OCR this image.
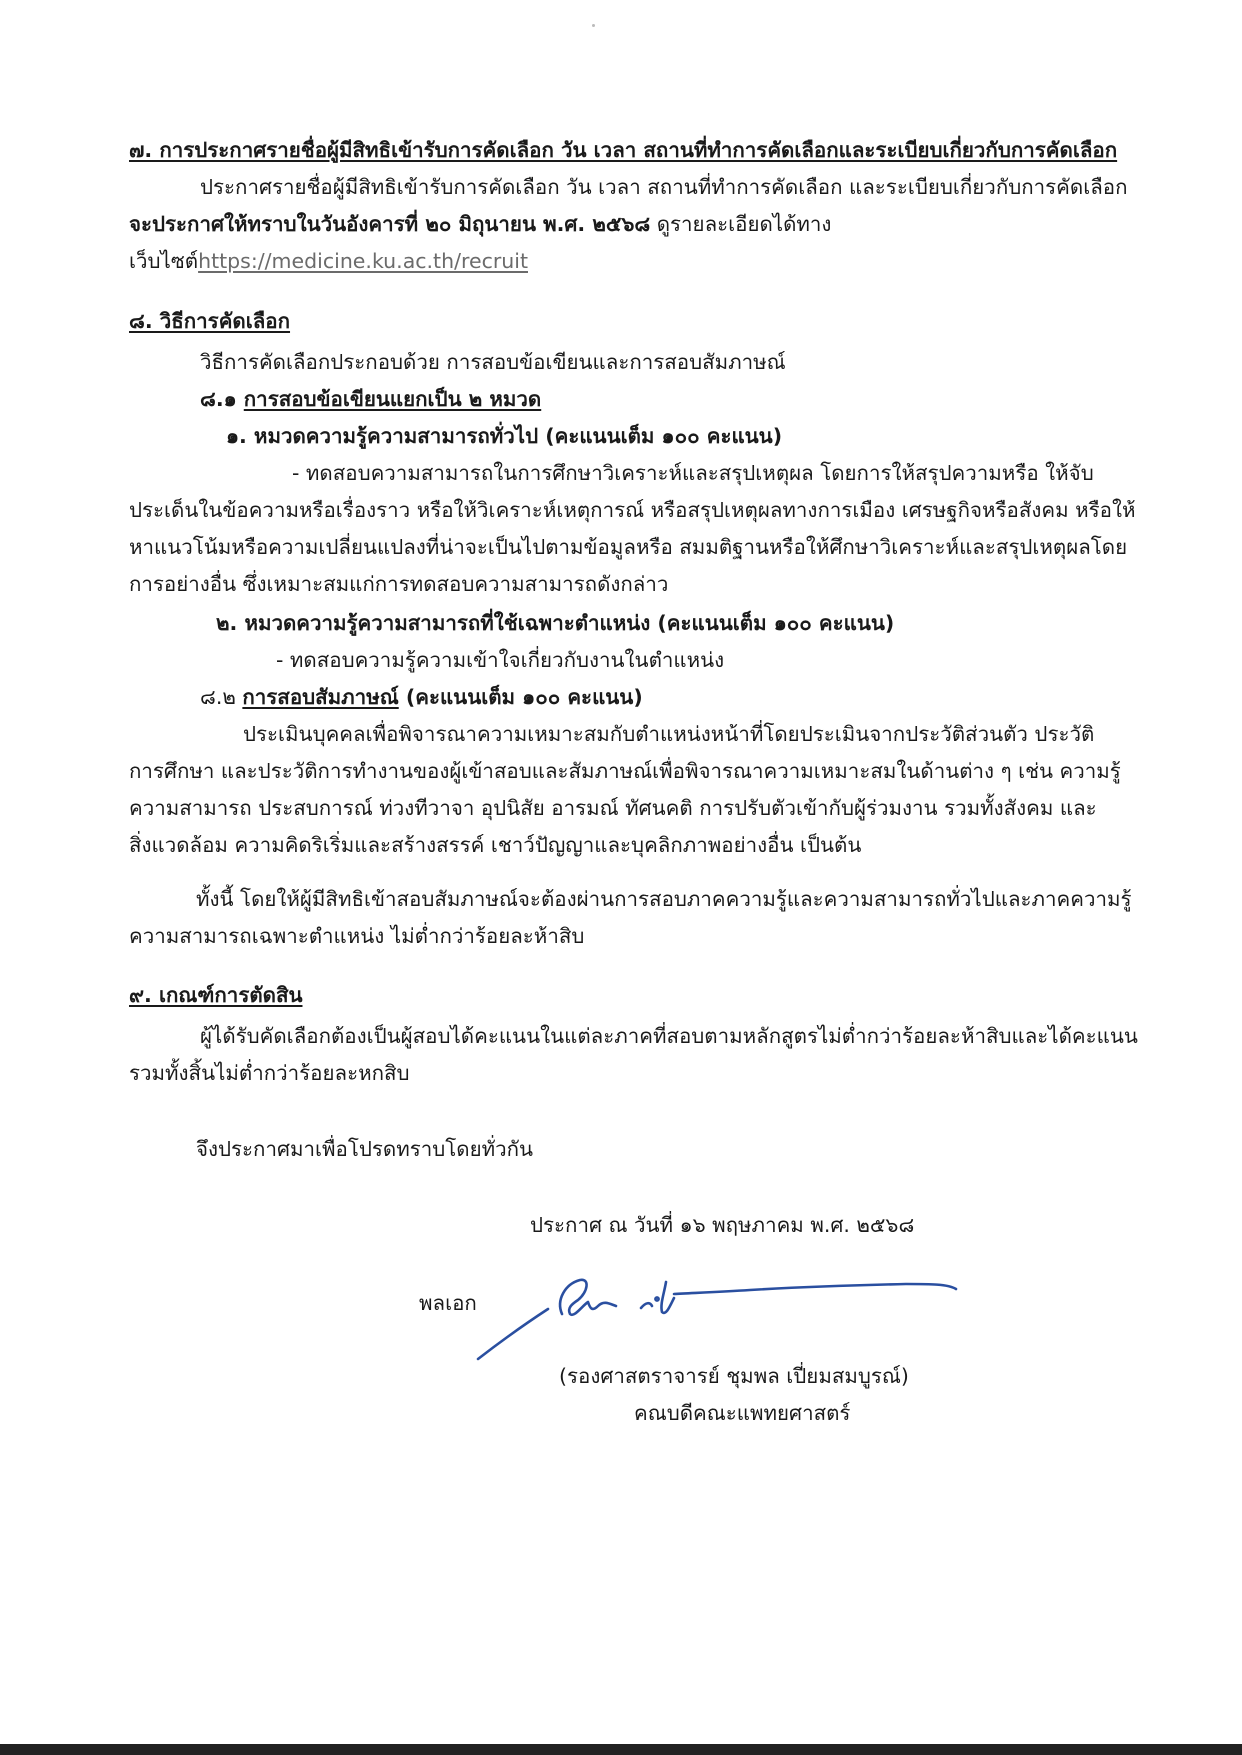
๗. การประกาศรายชื่อผู้มีสิทธิเข้ารับการคัดเลือก วัน เวลา สถานที่ทำการคัดเลือกและระเบียบเกี่ยวกับการคัดเลือก
ประกาศรายชื่อผู้มีสิทธิเข้ารับการคัดเลือก วัน เวลา สถานที่ทำการคัดเลือก และระเบียบเกี่ยวกับการคัดเลือก
จะประกาศให้ทราบในวันอังคารที่ ๒๐ มิถุนายน พ.ศ. ๒๕๖๘ ดูรายละเอียดได้ทาง
เว็บไซต์https://medicine.ku.ac.th/recruit
๘. วิธีการคัดเลือก
วิธีการคัดเลือกประกอบด้วย การสอบข้อเขียนและการสอบสัมภาษณ์
๘.๑ การสอบข้อเขียนแยกเป็น ๒ หมวด
๑. หมวดความรู้ความสามารถทั่วไป (คะแนนเต็ม ๑๐๐ คะแนน)
- ทดสอบความสามารถในการศึกษาวิเคราะห์และสรุปเหตุผล โดยการให้สรุปความหรือ ให้จับ
ประเด็นในข้อความหรือเรื่องราว หรือให้วิเคราะห์เหตุการณ์ หรือสรุปเหตุผลทางการเมือง เศรษฐกิจหรือสังคม หรือให้
หาแนวโน้มหรือความเปลี่ยนแปลงที่น่าจะเป็นไปตามข้อมูลหรือ สมมติฐานหรือให้ศึกษาวิเคราะห์และสรุปเหตุผลโดย
การอย่างอื่น ซึ่งเหมาะสมแก่การทดสอบความสามารถดังกล่าว
๒. หมวดความรู้ความสามารถที่ใช้เฉพาะตำแหน่ง (คะแนนเต็ม ๑๐๐ คะแนน)
- ทดสอบความรู้ความเข้าใจเกี่ยวกับงานในตำแหน่ง
๘.๒ การสอบสัมภาษณ์ (คะแนนเต็ม ๑๐๐ คะแนน)
ประเมินบุคคลเพื่อพิจารณาความเหมาะสมกับตำแหน่งหน้าที่โดยประเมินจากประวัติส่วนตัว ประวัติ
การศึกษา และประวัติการทำงานของผู้เข้าสอบและสัมภาษณ์เพื่อพิจารณาความเหมาะสมในด้านต่าง ๆ เช่น ความรู้
ความสามารถ ประสบการณ์ ท่วงทีวาจา อุปนิสัย อารมณ์ ทัศนคติ การปรับตัวเข้ากับผู้ร่วมงาน รวมทั้งสังคม และ
สิ่งแวดล้อม ความคิดริเริ่มและสร้างสรรค์ เชาว์ปัญญาและบุคลิกภาพอย่างอื่น เป็นต้น
ทั้งนี้ โดยให้ผู้มีสิทธิเข้าสอบสัมภาษณ์จะต้องผ่านการสอบภาคความรู้และความสามารถทั่วไปและภาคความรู้
ความสามารถเฉพาะตำแหน่ง ไม่ต่ำกว่าร้อยละห้าสิบ
๙. เกณฑ์การตัดสิน
ผู้ได้รับคัดเลือกต้องเป็นผู้สอบได้คะแนนในแต่ละภาคที่สอบตามหลักสูตรไม่ต่ำกว่าร้อยละห้าสิบและได้คะแนน
รวมทั้งสิ้นไม่ต่ำกว่าร้อยละหกสิบ
จึงประกาศมาเพื่อโปรดทราบโดยทั่วกัน
ประกาศ ณ วันที่ ๑๖ พฤษภาคม พ.ศ. ๒๕๖๘
พลเอก
(รองศาสตราจารย์ ชุมพล เปี่ยมสมบูรณ์)
คณบดีคณะแพทยศาสตร์
